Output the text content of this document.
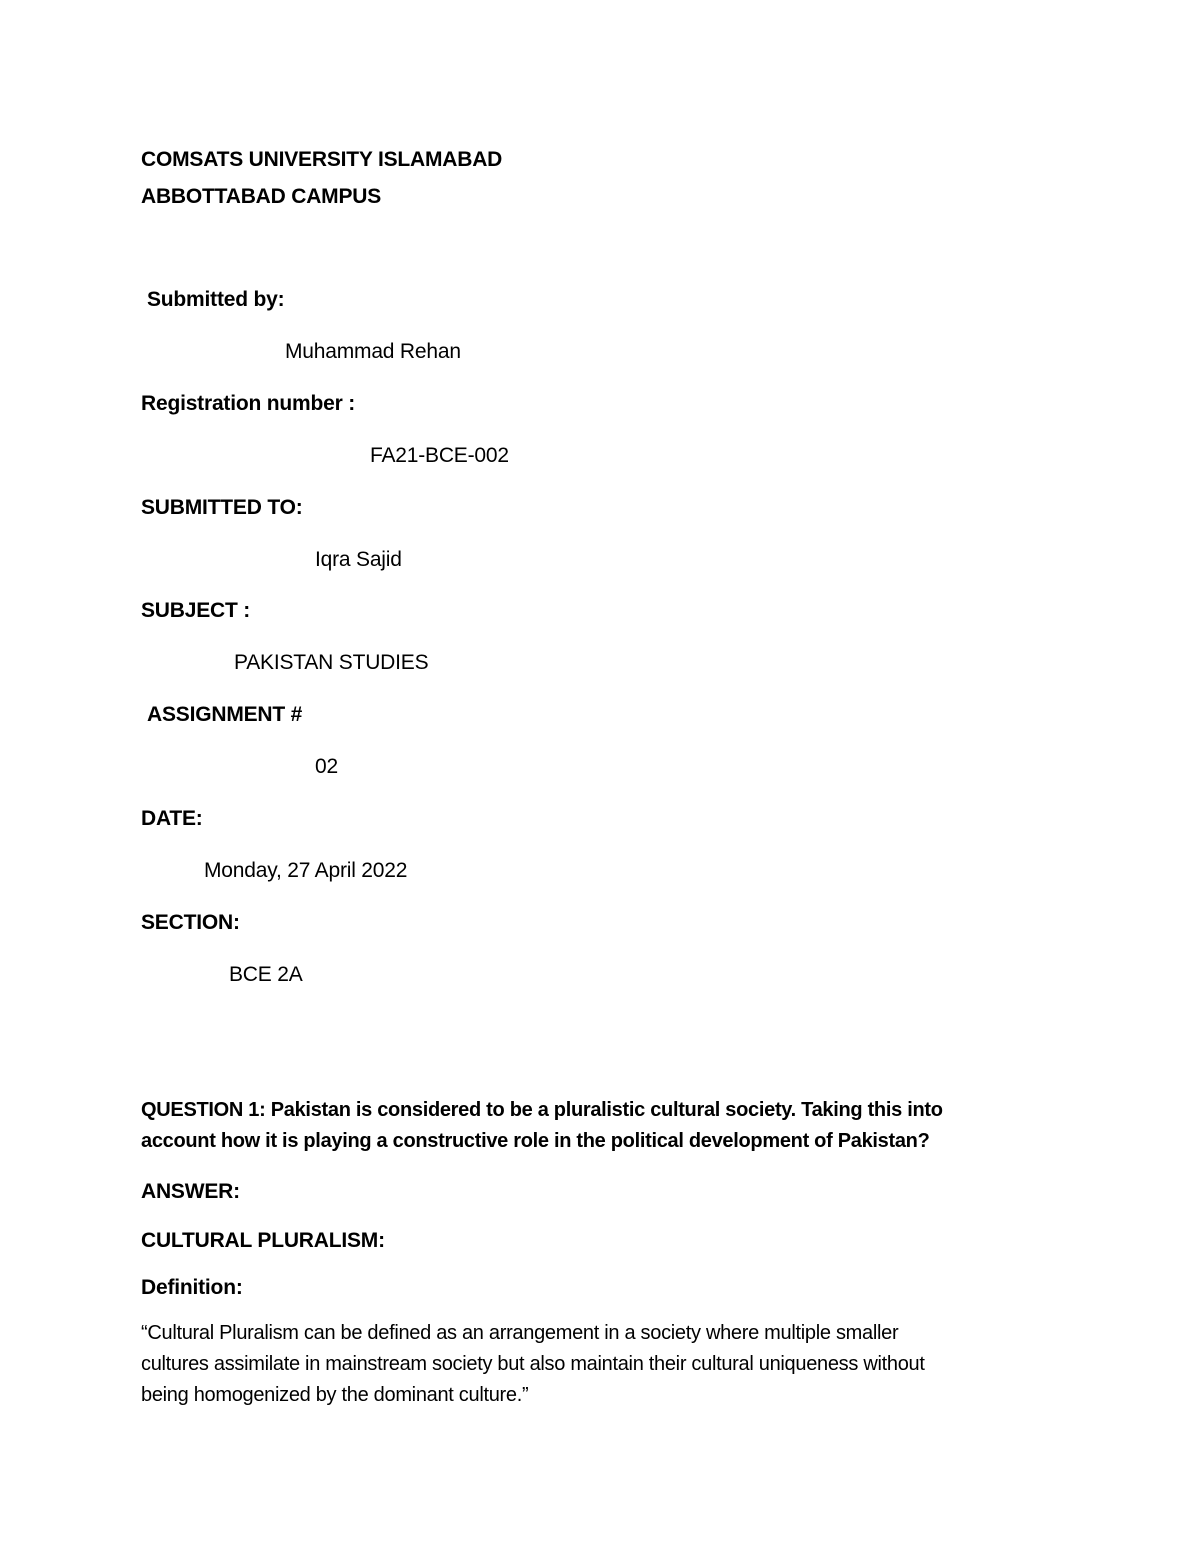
COMSATS UNIVERSITY ISLAMABAD
ABBOTTABAD CAMPUS
Submitted by:
Muhammad Rehan
Registration number :
FA21-BCE-002
SUBMITTED TO:
Iqra Sajid
SUBJECT :
PAKISTAN STUDIES
ASSIGNMENT #
02
DATE:
Monday, 27 April 2022
SECTION:
BCE 2A
QUESTION 1: Pakistan is considered to be a pluralistic cultural society. Taking this into
account how it is playing a constructive role in the political development of Pakistan?
ANSWER:
CULTURAL PLURALISM:
Definition:
“Cultural Pluralism can be defined as an arrangement in a society where multiple smaller
cultures assimilate in mainstream society but also maintain their cultural uniqueness without
being homogenized by the dominant culture.”
